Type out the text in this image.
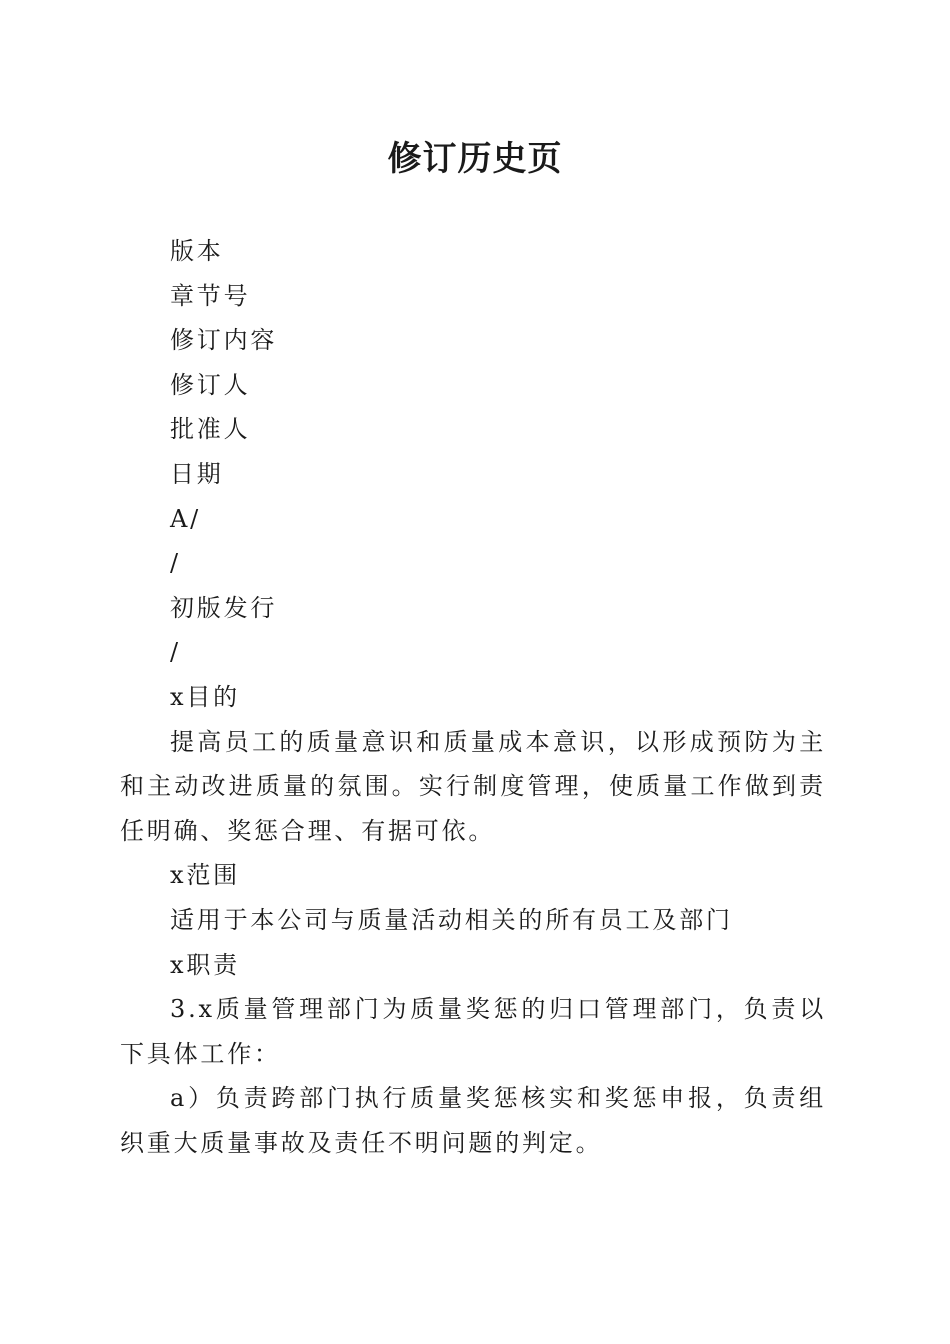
修订历史页

版本

章节号

修订内容

修订人

批准人

日期

A/

/

初版发行

/

x目的

提高员工的质量意识和质量成本意识，以形成预防为主和主动改进质量的氛围。实行制度管理，使质量工作做到责任明确、奖惩合理、有据可依。

x范围

适用于本公司与质量活动相关的所有员工及部门

x职责

3.x质量管理部门为质量奖惩的归口管理部门，负责以下具体工作：

a）负责跨部门执行质量奖惩核实和奖惩申报，负责组织重大质量事故及责任不明问题的判定。
